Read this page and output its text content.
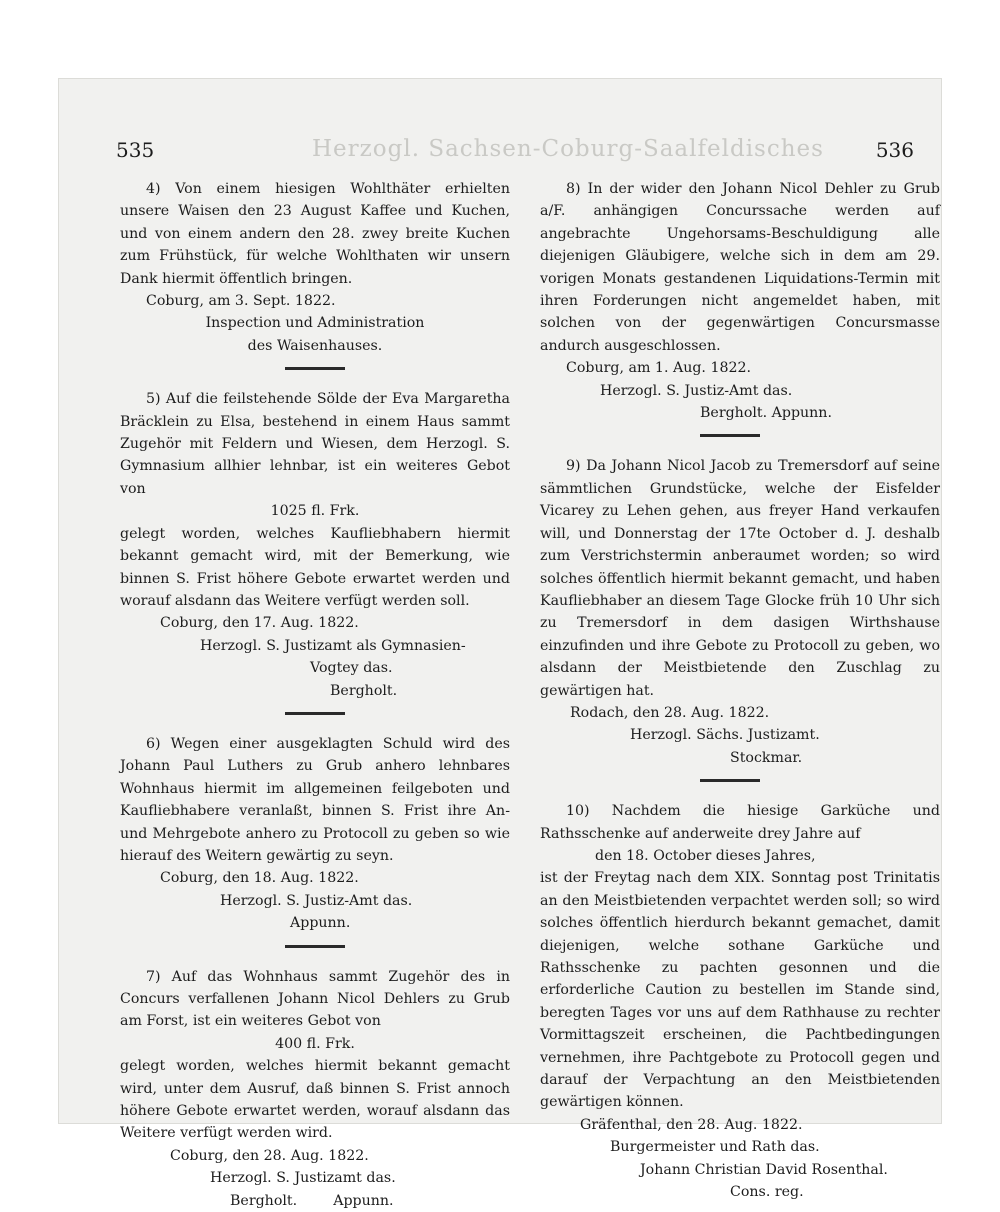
Herzogl. Sachsen-Coburg-Saalfeldisches
535	536

4) Von einem hiesigen Wohlthäter erhielten unsere Waisen den 23 August Kaffee und Kuchen, und von einem andern den 28. zwey breite Kuchen zum Frühstück, für welche Wohlthaten wir unsern Dank hiermit öffentlich bringen.

Coburg, am 3. Sept. 1822.

Inspection und Administration

des Waisenhauses.

5) Auf die feilstehende Sölde der Eva Margaretha Bräcklein zu Elsa, bestehend in einem Haus sammt Zugehör mit Feldern und Wiesen, dem Herzogl. S. Gymnasium allhier lehnbar, ist ein weiteres Gebot von

1025 fl. Frk.

gelegt worden, welches Kaufliebhabern hiermit bekannt gemacht wird, mit der Bemerkung, wie binnen S. Frist höhere Gebote erwartet werden und worauf alsdann das Weitere verfügt werden soll.

Coburg, den 17. Aug. 1822.

Herzogl. S. Justizamt als Gymnasien-

Vogtey das.

Bergholt.

6) Wegen einer ausgeklagten Schuld wird des Johann Paul Luthers zu Grub anhero lehnbares Wohnhaus hiermit im allgemeinen feilgeboten und Kaufliebhabere veranlaßt, binnen S. Frist ihre An- und Mehrgebote anhero zu Protocoll zu geben so wie hierauf des Weitern gewärtig zu seyn.

Coburg, den 18. Aug. 1822.

Herzogl. S. Justiz-Amt das.

Appunn.

7) Auf das Wohnhaus sammt Zugehör des in Concurs verfallenen Johann Nicol Dehlers zu Grub am Forst, ist ein weiteres Gebot von

400 fl. Frk.

gelegt worden, welches hiermit bekannt gemacht wird, unter dem Ausruf, daß binnen S. Frist annoch höhere Gebote erwartet werden, worauf alsdann das Weitere verfügt werden wird.

Coburg, den 28. Aug. 1822.

Herzogl. S. Justizamt das.

Bergholt.        Appunn.

8) In der wider den Johann Nicol Dehler zu Grub a/F. anhängigen Concurssache werden auf angebrachte Ungehorsams-Beschuldigung alle diejenigen Gläubigere, welche sich in dem am 29. vorigen Monats gestandenen Liquidations-Termin mit ihren Forderungen nicht angemeldet haben, mit solchen von der gegenwärtigen Concursmasse andurch ausgeschlossen.

Coburg, am 1. Aug. 1822.

Herzogl. S. Justiz-Amt das.

Bergholt. Appunn.

9) Da Johann Nicol Jacob zu Tremersdorf auf seine sämmtlichen Grundstücke, welche der Eisfelder Vicarey zu Lehen gehen, aus freyer Hand verkaufen will, und Donnerstag der 17te October d. J. deshalb zum Verstrichstermin anberaumet worden; so wird solches öffentlich hiermit bekannt gemacht, und haben Kaufliebhaber an diesem Tage Glocke früh 10 Uhr sich zu Tremersdorf in dem dasigen Wirthshause einzufinden und ihre Gebote zu Protocoll zu geben, wo alsdann der Meistbietende den Zuschlag zu gewärtigen hat.

Rodach, den 28. Aug. 1822.

Herzogl. Sächs. Justizamt.

Stockmar.

10) Nachdem die hiesige Garküche und Rathsschenke auf anderweite drey Jahre auf

den 18. October dieses Jahres,

ist der Freytag nach dem XIX. Sonntag post Trinitatis an den Meistbietenden verpachtet werden soll; so wird solches öffentlich hierdurch bekannt gemachet, damit diejenigen, welche sothane Garküche und Rathsschenke zu pachten gesonnen und die erforderliche Caution zu bestellen im Stande sind, beregten Tages vor uns auf dem Rathhause zu rechter Vormittagszeit erscheinen, die Pachtbedingungen vernehmen, ihre Pachtgebote zu Protocoll gegen und darauf der Verpachtung an den Meistbietenden gewärtigen können.

Gräfenthal, den 28. Aug. 1822.

Burgermeister und Rath das.

Johann Christian David Rosenthal.

Cons. reg.
